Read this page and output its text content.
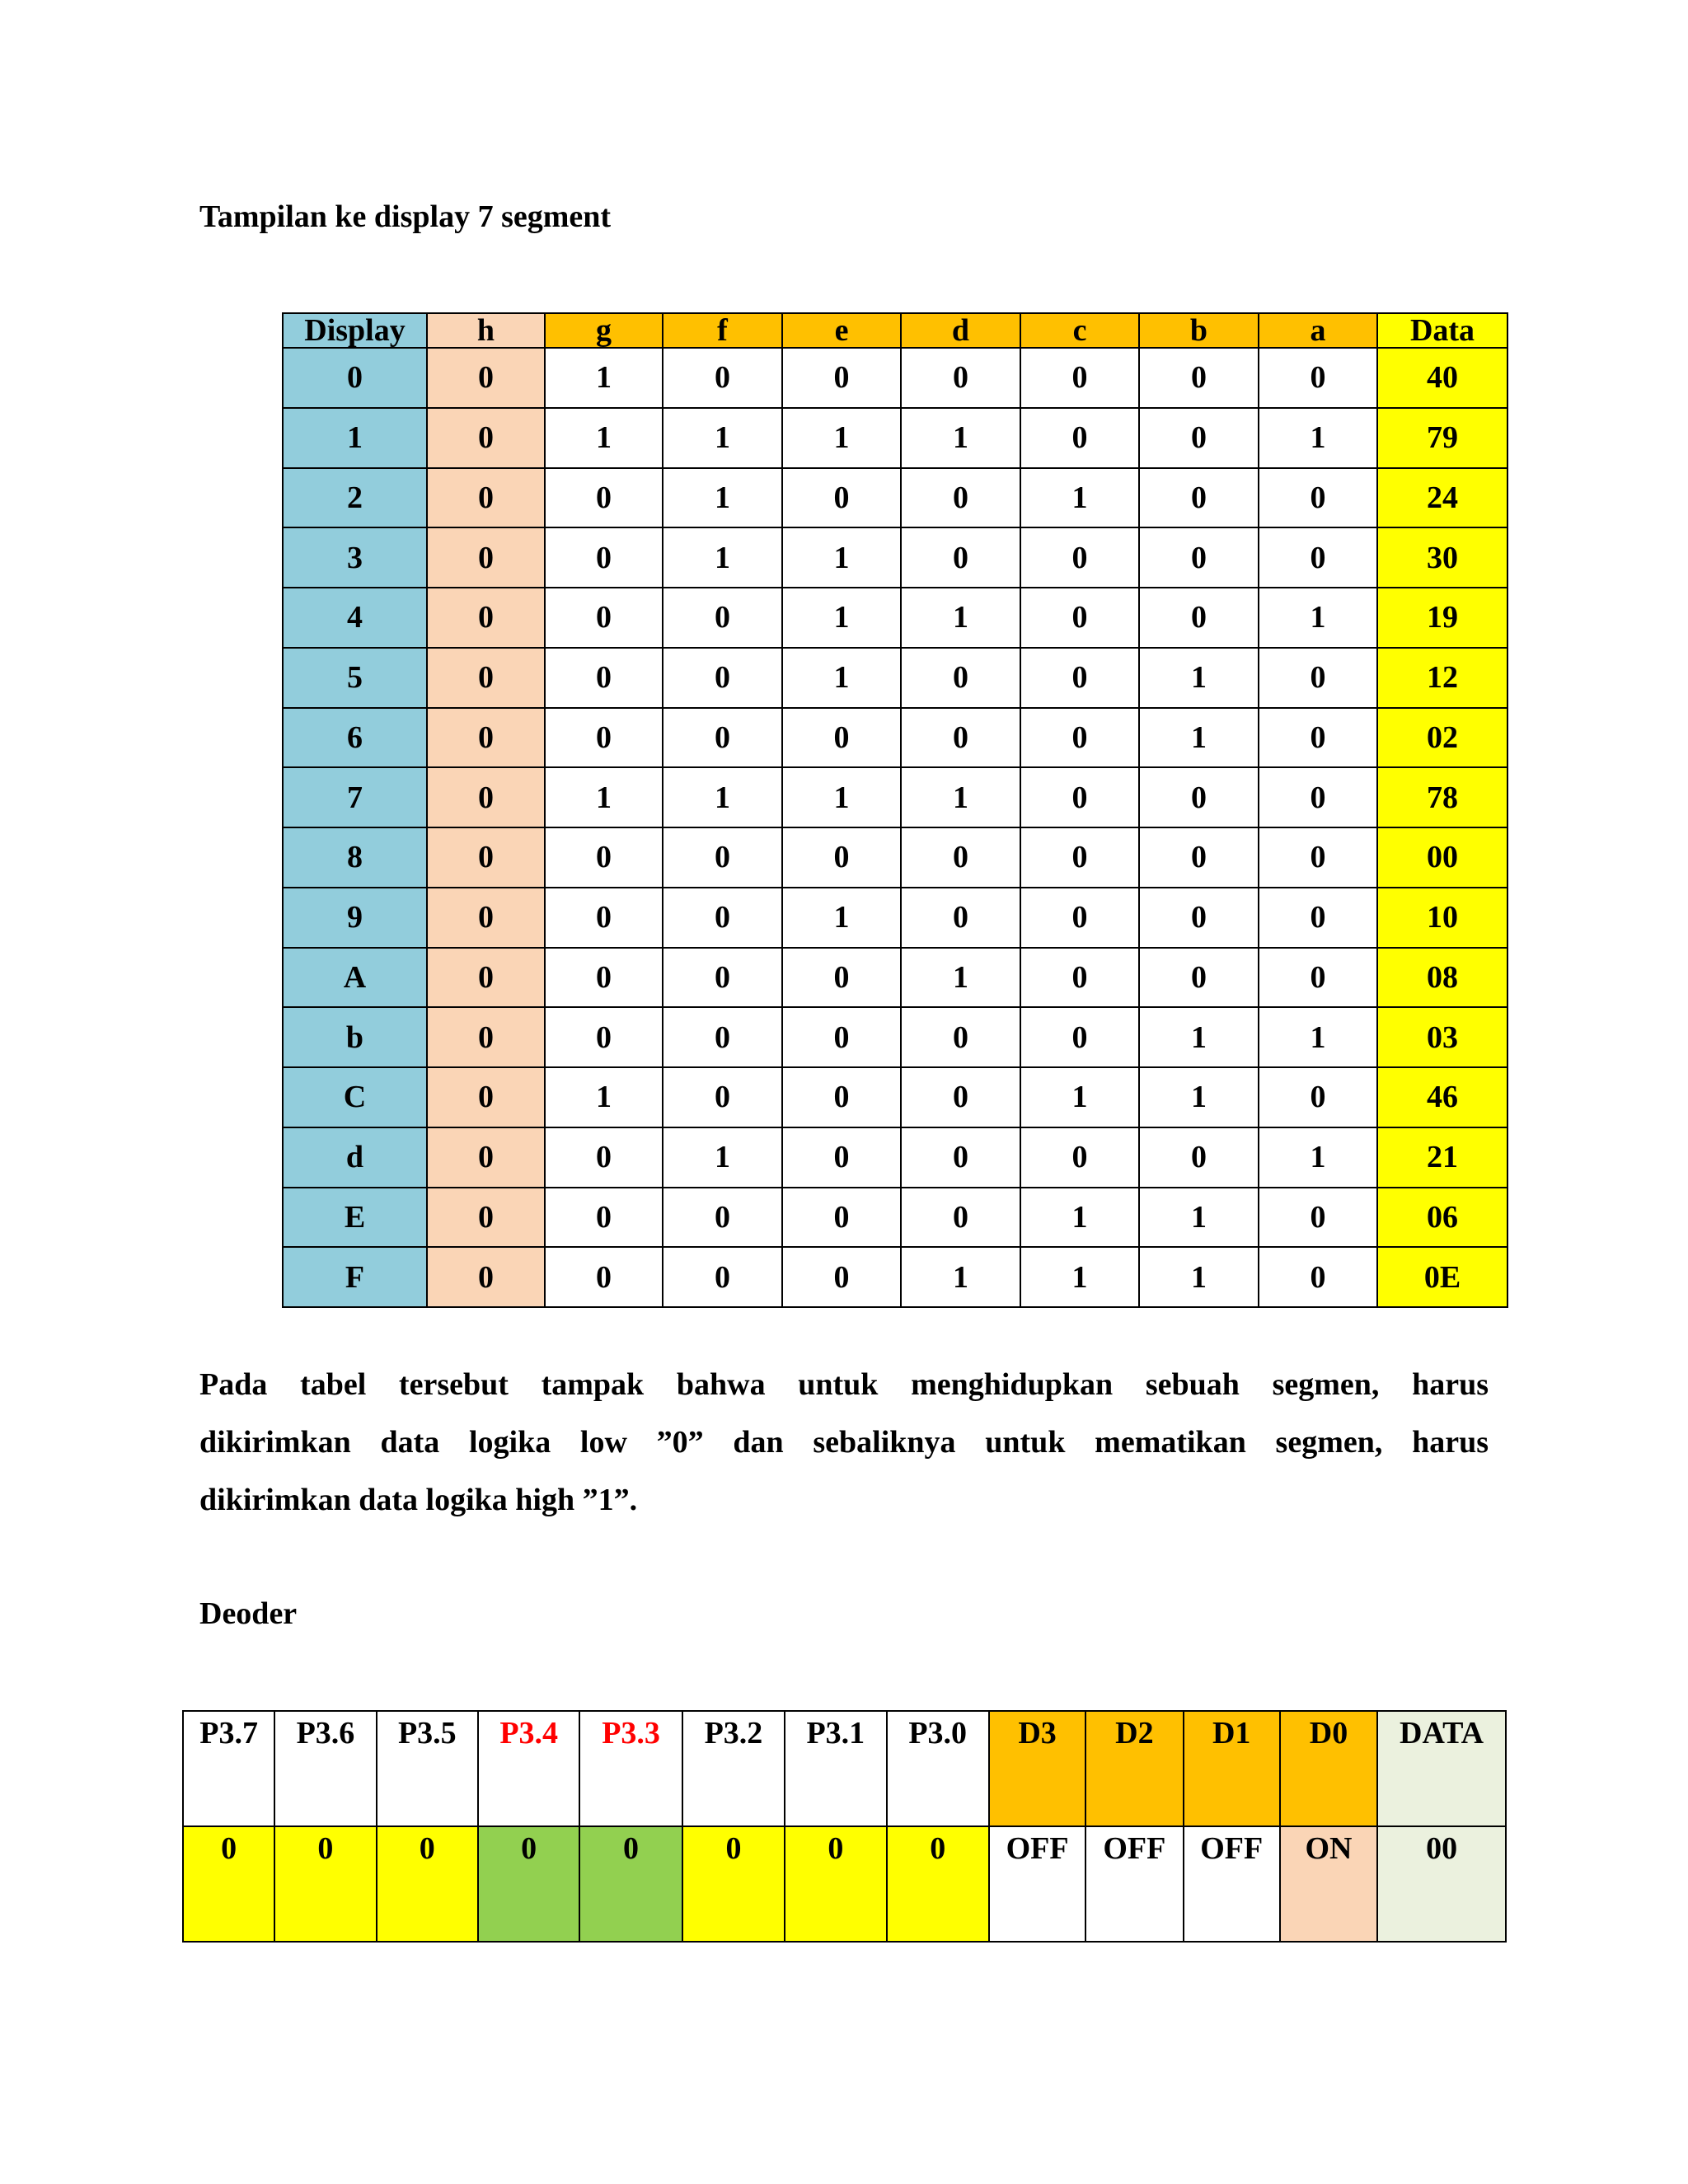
Tampilan ke display 7 segment
Display	h	g	f	e	d	c	b	a	Data
0	0	1	0	0	0	0	0	0	40
1	0	1	1	1	1	0	0	1	79
2	0	0	1	0	0	1	0	0	24
3	0	0	1	1	0	0	0	0	30
4	0	0	0	1	1	0	0	1	19
5	0	0	0	1	0	0	1	0	12
6	0	0	0	0	0	0	1	0	02
7	0	1	1	1	1	0	0	0	78
8	0	0	0	0	0	0	0	0	00
9	0	0	0	1	0	0	0	0	10
A	0	0	0	0	1	0	0	0	08
b	0	0	0	0	0	0	1	1	03
C	0	1	0	0	0	1	1	0	46
d	0	0	1	0	0	0	0	1	21
E	0	0	0	0	0	1	1	0	06
F	0	0	0	0	1	1	1	0	0E
Pada tabel tersebut tampak bahwa untuk menghidupkan sebuah segmen, harus
dikirimkan data logika low ”0” dan sebaliknya untuk mematikan segmen, harus
dikirimkan data logika high ”1”.
Deoder
P3.7	P3.6	P3.5	P3.4	P3.3	P3.2	P3.1	P3.0	D3	D2	D1	D0	DATA
0	0	0	0	0	0	0	0	OFF	OFF	OFF	ON	00
